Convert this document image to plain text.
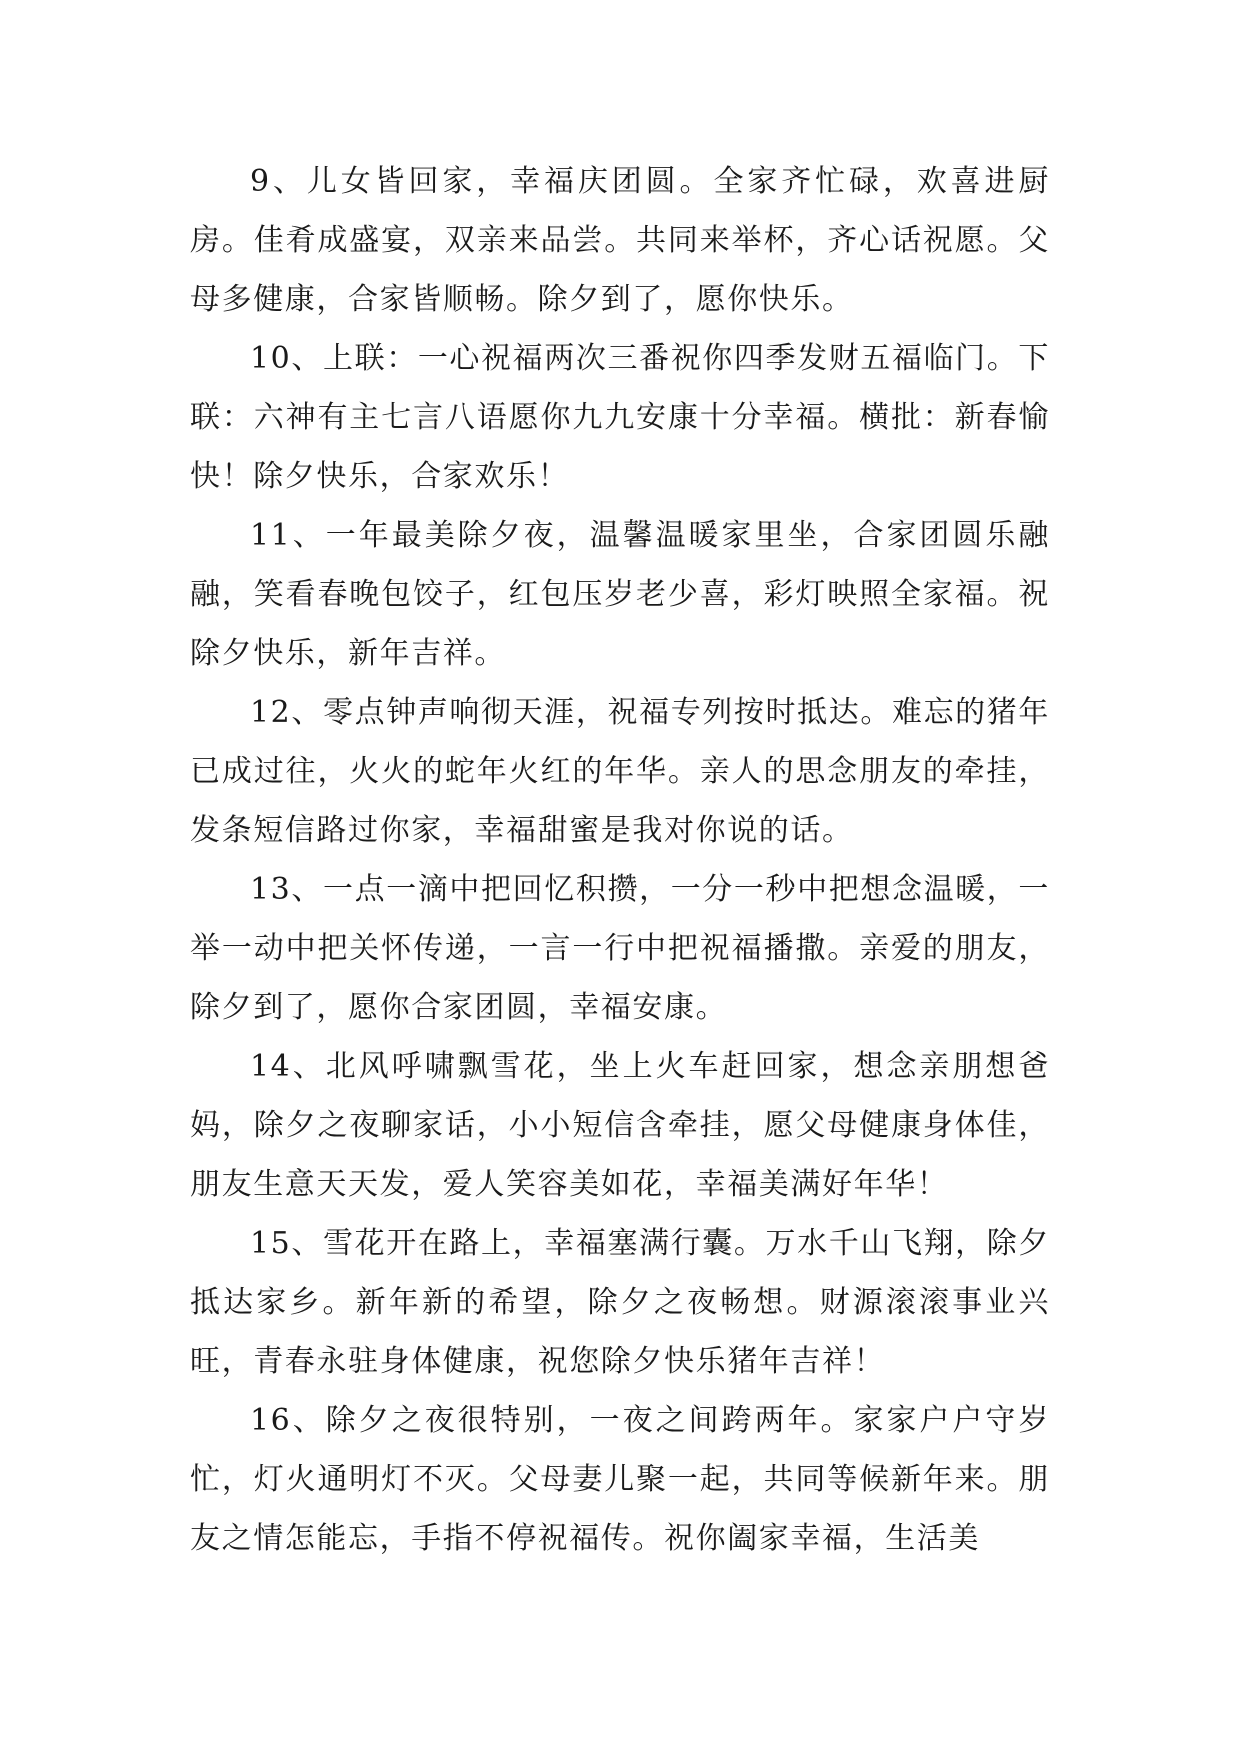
9、儿女皆回家，幸福庆团圆。全家齐忙碌，欢喜进厨房。佳肴成盛宴，双亲来品尝。共同来举杯，齐心话祝愿。父母多健康，合家皆顺畅。除夕到了，愿你快乐。

10、上联：一心祝福两次三番祝你四季发财五福临门。下联：六神有主七言八语愿你九九安康十分幸福。横批：新春愉快！除夕快乐，合家欢乐！

11、一年最美除夕夜，温馨温暖家里坐，合家团圆乐融融，笑看春晚包饺子，红包压岁老少喜，彩灯映照全家福。祝除夕快乐，新年吉祥。

12、零点钟声响彻天涯，祝福专列按时抵达。难忘的猪年已成过往，火火的蛇年火红的年华。亲人的思念朋友的牵挂，发条短信路过你家，幸福甜蜜是我对你说的话。

13、一点一滴中把回忆积攒，一分一秒中把想念温暖，一举一动中把关怀传递，一言一行中把祝福播撒。亲爱的朋友，除夕到了，愿你合家团圆，幸福安康。

14、北风呼啸飘雪花，坐上火车赶回家，想念亲朋想爸妈，除夕之夜聊家话，小小短信含牵挂，愿父母健康身体佳，朋友生意天天发，爱人笑容美如花，幸福美满好年华！

15、雪花开在路上，幸福塞满行囊。万水千山飞翔，除夕抵达家乡。新年新的希望，除夕之夜畅想。财源滚滚事业兴旺，青春永驻身体健康，祝您除夕快乐猪年吉祥！

16、除夕之夜很特别，一夜之间跨两年。家家户户守岁忙，灯火通明灯不灭。父母妻儿聚一起，共同等候新年来。朋友之情怎能忘，手指不停祝福传。祝你阖家幸福，生活美
